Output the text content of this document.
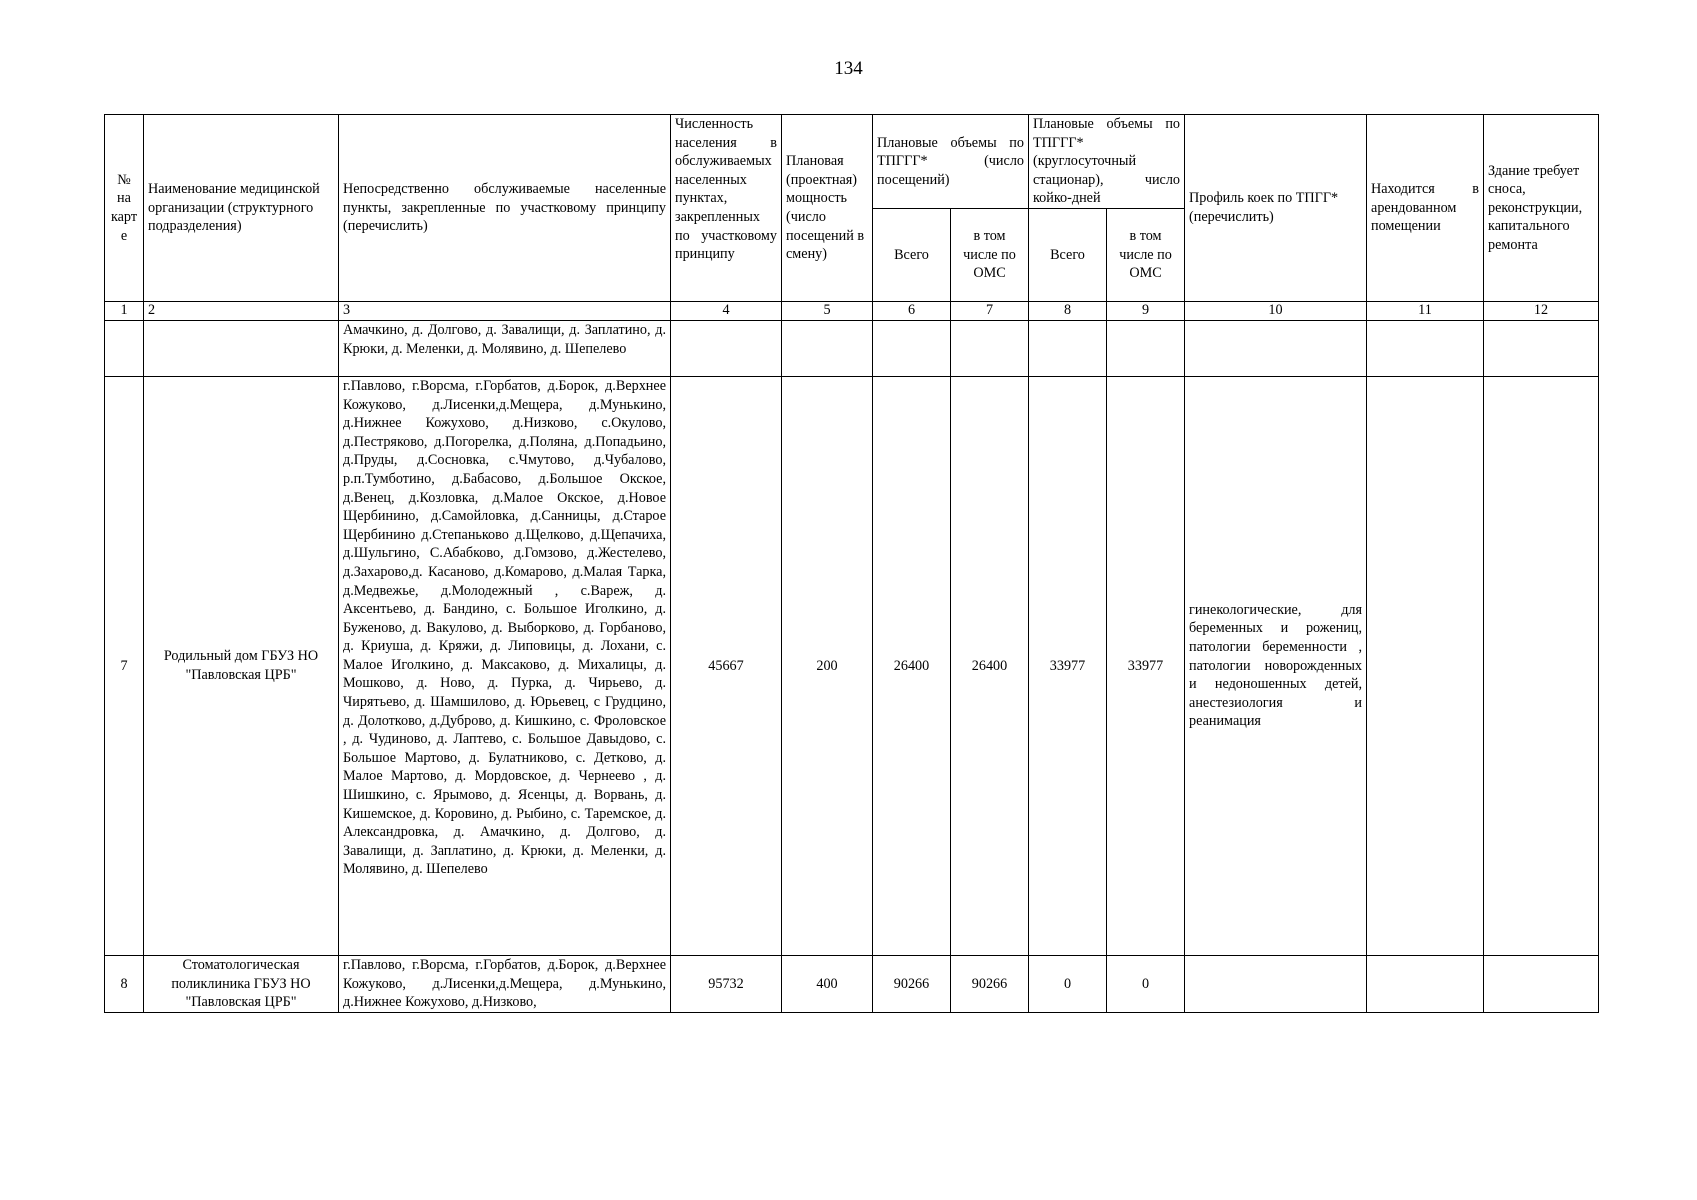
134
№ на карте	Наименование медицинской организации (структурного подразделения)	Непосредственно обслуживаемые населенные пункты, закрепленные по участковому принципу (перечислить)	Численность населения в обслуживаемых населенных пунктах, закрепленных по участковому принципу	Плановая (проектная) мощность (число посещений в смену)	Плановые объемы по ТПГГГ* (число посещений)		Плановые объемы по ТПГГГ* (круглосуточный стационар), число койко-дней		Профиль коек по ТПГГ* (перечислить)	Находится в арендованном помещении	Здание требует сноса, реконструкции, капитального ремонта
					Всего	в том числе по ОМС	Всего	в том числе по ОМС			
1	2	3	4	5	6	7	8	9	10	11	12
		Амачкино, д. Долгово, д. Завалищи, д. Заплатино, д. Крюки, д. Меленки, д. Молявино, д. Шепелево									
7	Родильный дом ГБУЗ НО "Павловская ЦРБ"	г.Павлово, г.Ворсма, г.Горбатов, д.Борок, д.Верхнее Кожуково, д.Лисенки,д.Мещера, д.Мунькино, д.Нижнее Кожухово, д.Низково, с.Окулово, д.Пестряково, д.Погорелка, д.Поляна, д.Попадьино, д.Пруды, д.Сосновка, с.Чмутово, д.Чубалово, р.п.Тумботино, д.Бабасово, д.Большое Окское, д.Венец, д.Козловка, д.Малое Окское, д.Новое Щербинино, д.Самойловка, д.Санницы, д.Старое Щербинино д.Степаньково д.Щелково, д.Щепачиха, д.Шульгино, С.Абабково, д.Гомзово, д.Жестелево, д.Захарово,д. Касаново, д.Комарово, д.Малая Тарка, д.Медвежье, д.Молодежный , с.Вареж, д. Аксентьево, д. Бандино, с. Большое Иголкино, д. Буженово, д. Вакулово, д. Выборково, д. Горбаново, д. Криуша, д. Кряжи, д. Липовицы, д. Лохани, с. Малое Иголкино, д. Максаково, д. Михалицы, д. Мошково, д. Ново, д. Пурка, д. Чирьево, д. Чирятьево, д. Шамшилово, д. Юрьевец, с Грудцино, д. Долотково, д.Дуброво, д. Кишкино, с. Фроловское , д. Чудиново, д. Лаптево, с. Большое Давыдово, с. Большое Мартово, д. Булатниково, с. Детково, д. Малое Мартово, д. Мордовское, д. Чернеево , д. Шишкино, с. Ярымово, д. Ясенцы, д. Ворвань, д. Кишемское, д. Коровино, д. Рыбино, с. Таремское, д. Александровка, д. Амачкино, д. Долгово, д. Завалищи, д. Заплатино, д. Крюки, д. Меленки, д. Молявино, д. Шепелево	45667	200	26400	26400	33977	33977	гинекологические, для беременных и рожениц, патологии беременности , патологии новорожденных и недоношенных детей, анестезиология и реанимация		
8	Стоматологическая поликлиника ГБУЗ НО "Павловская ЦРБ"	г.Павлово, г.Ворсма, г.Горбатов, д.Борок, д.Верхнее Кожуково, д.Лисенки,д.Мещера, д.Мунькино, д.Нижнее Кожухово, д.Низково,	95732	400	90266	90266	0	0			
